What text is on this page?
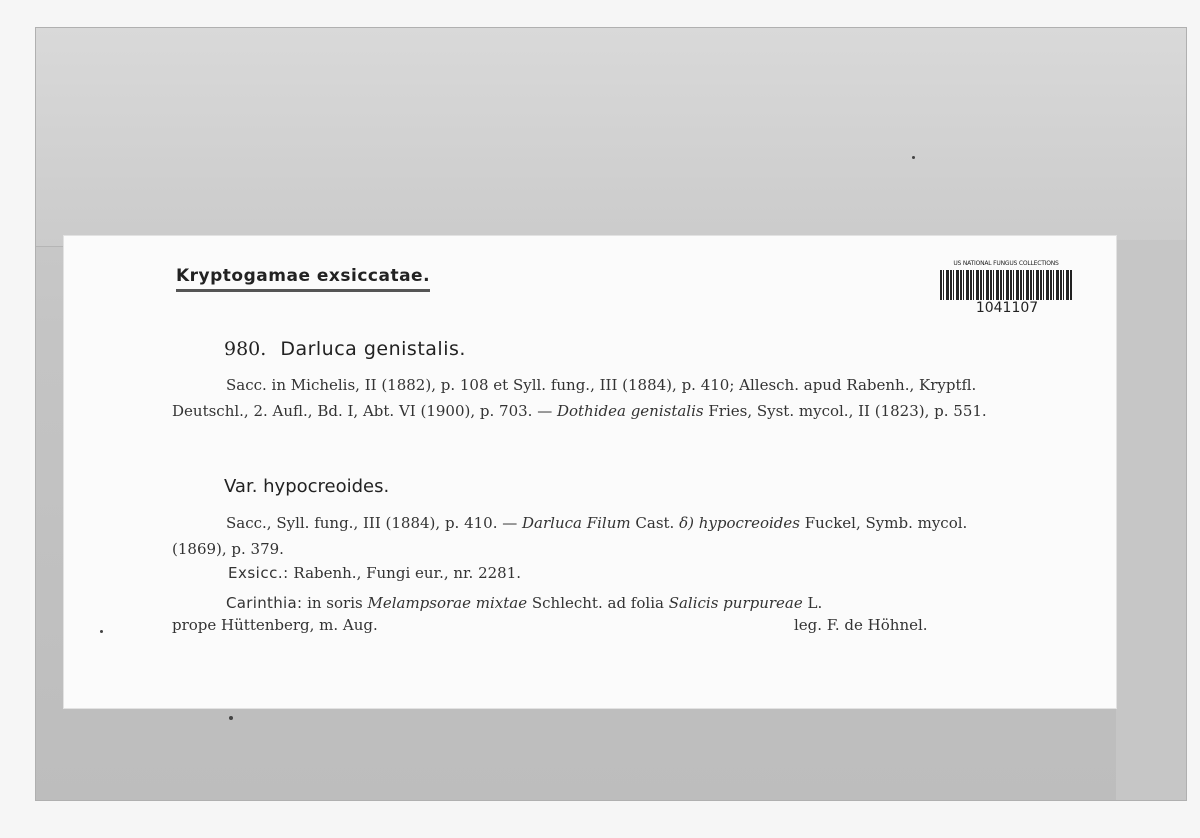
Kryptogamae exsiccatae.
US NATIONAL FUNGUS COLLECTIONS
1041107
980. Darluca genistalis.
Sacc. in Michelis, II (1882), p. 108 et Syll. fung., III (1884), p. 410; Allesch. apud Rabenh., Kryptfl. Deutschl., 2. Aufl., Bd. I, Abt. VI (1900), p. 703. — Dothidea genistalis Fries, Syst. mycol., II (1823), p. 551.
Var. hypocreoides.
Sacc., Syll. fung., III (1884), p. 410. — Darluca Filum Cast. δ) hypocreoides Fuckel, Symb. mycol. (1869), p. 379.
Exsicc.: Rabenh., Fungi eur., nr. 2281.
Carinthia: in soris Melampsorae mixtae Schlecht. ad folia Salicis purpureae L.
prope Hüttenberg, m. Aug.	leg. F. de Höhnel.
